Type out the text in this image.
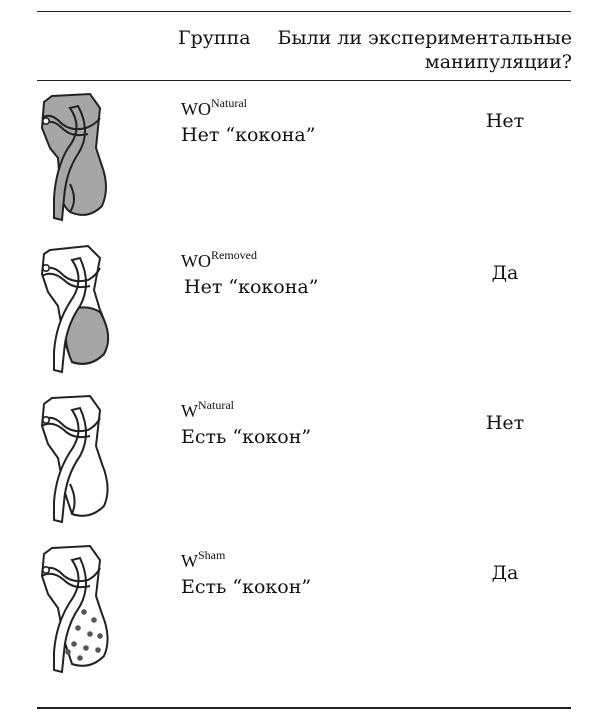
Группа Были ли экспериментальные
манипуляции?
$WO^{Natural}$
Нет “кокона”
Нет
$WO^{Removed}$
Нет “кокона”
Да
$W^{Natural}$
Есть “кокон”
Нет
$W^{Sham}$
Есть “кокон”
Да
